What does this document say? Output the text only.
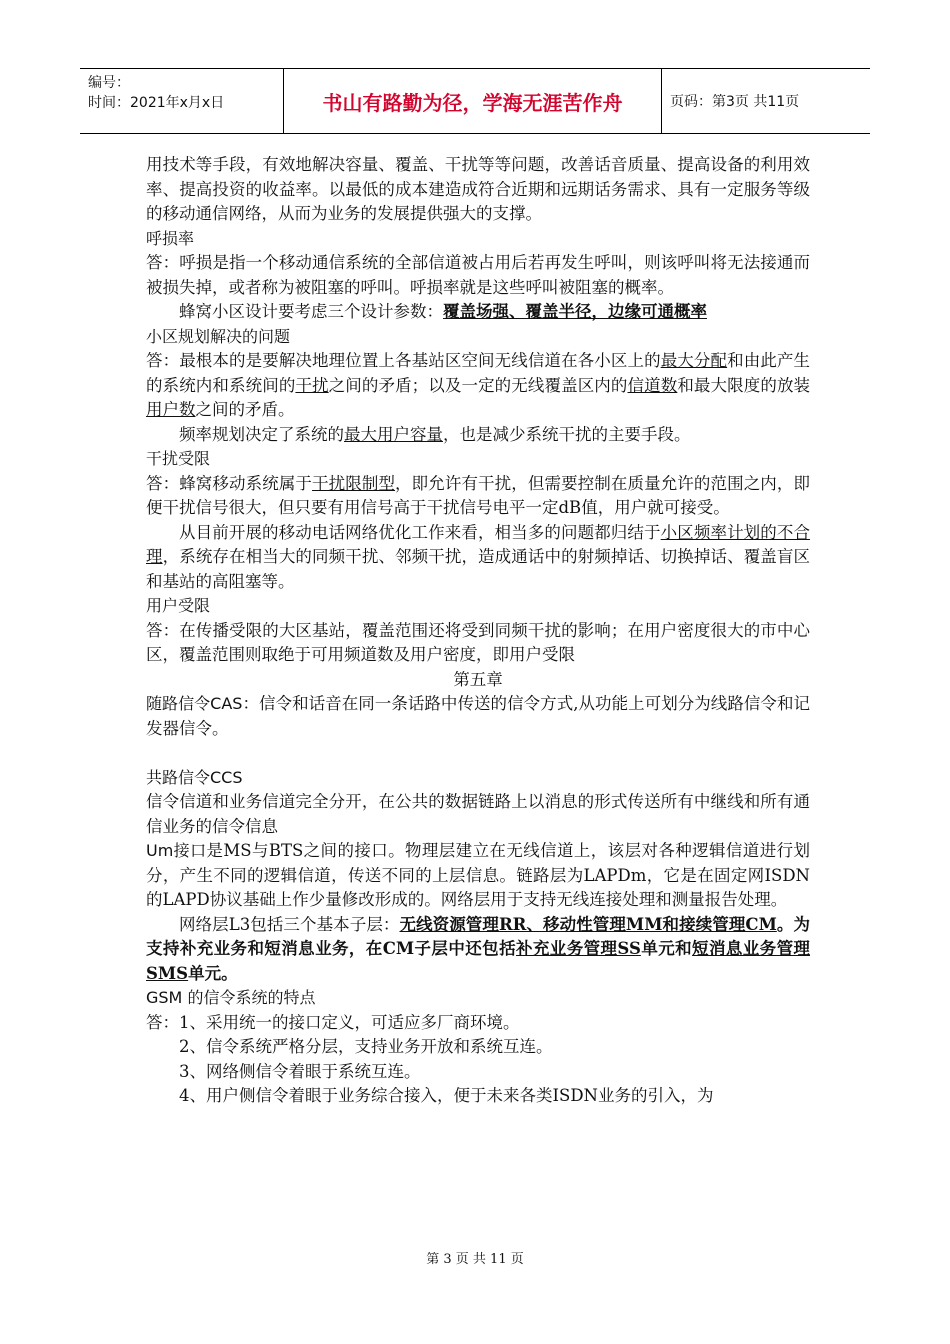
编号：
时间：2021年x月x日	书山有路勤为径，学海无涯苦作舟	页码：第3页 共11页

用技术等手段，有效地解决容量、覆盖、干扰等等问题，改善话音质量、提高设备的利用效率、提高投资的收益率。以最低的成本建造成符合近期和远期话务需求、具有一定服务等级的移动通信网络，从而为业务的发展提供强大的支撑。

呼损率

答：呼损是指一个移动通信系统的全部信道被占用后若再发生呼叫，则该呼叫将无法接通而被损失掉，或者称为被阻塞的呼叫。呼损率就是这些呼叫被阻塞的概率。

蜂窝小区设计要考虑三个设计参数：覆盖场强、覆盖半径，边缘可通概率

小区规划解决的问题

答：最根本的是要解决地理位置上各基站区空间无线信道在各小区上的最大分配和由此产生的系统内和系统间的干扰之间的矛盾；以及一定的无线覆盖区内的信道数和最大限度的放装用户数之间的矛盾。

频率规划决定了系统的最大用户容量，也是减少系统干扰的主要手段。

干扰受限

答：蜂窝移动系统属于干扰限制型，即允许有干扰，但需要控制在质量允许的范围之内，即便干扰信号很大，但只要有用信号高于干扰信号电平一定dB值，用户就可接受。

从目前开展的移动电话网络优化工作来看，相当多的问题都归结于小区频率计划的不合理，系统存在相当大的同频干扰、邻频干扰，造成通话中的射频掉话、切换掉话、覆盖盲区和基站的高阻塞等。

用户受限

答：在传播受限的大区基站，覆盖范围还将受到同频干扰的影响；在用户密度很大的市中心区，覆盖范围则取绝于可用频道数及用户密度，即用户受限

第五章

随路信令CAS：信令和话音在同一条话路中传送的信令方式,从功能上可划分为线路信令和记发器信令。

共路信令CCS

信令信道和业务信道完全分开，在公共的数据链路上以消息的形式传送所有中继线和所有通信业务的信令信息

Um接口是MS与BTS之间的接口。物理层建立在无线信道上，该层对各种逻辑信道进行划分，产生不同的逻辑信道，传送不同的上层信息。链路层为LAPDm，它是在固定网ISDN的LAPD协议基础上作少量修改形成的。网络层用于支持无线连接处理和测量报告处理。

网络层L3包括三个基本子层：无线资源管理RR、移动性管理MM和接续管理CM。为支持补充业务和短消息业务，在CM子层中还包括补充业务管理SS单元和短消息业务管理SMS单元。

GSM 的信令系统的特点

答：1、采用统一的接口定义，可适应多厂商环境。

2、信令系统严格分层，支持业务开放和系统互连。

3、网络侧信令着眼于系统互连。

4、用户侧信令着眼于业务综合接入，便于未来各类ISDN业务的引入，为

第 3 页 共 11 页
